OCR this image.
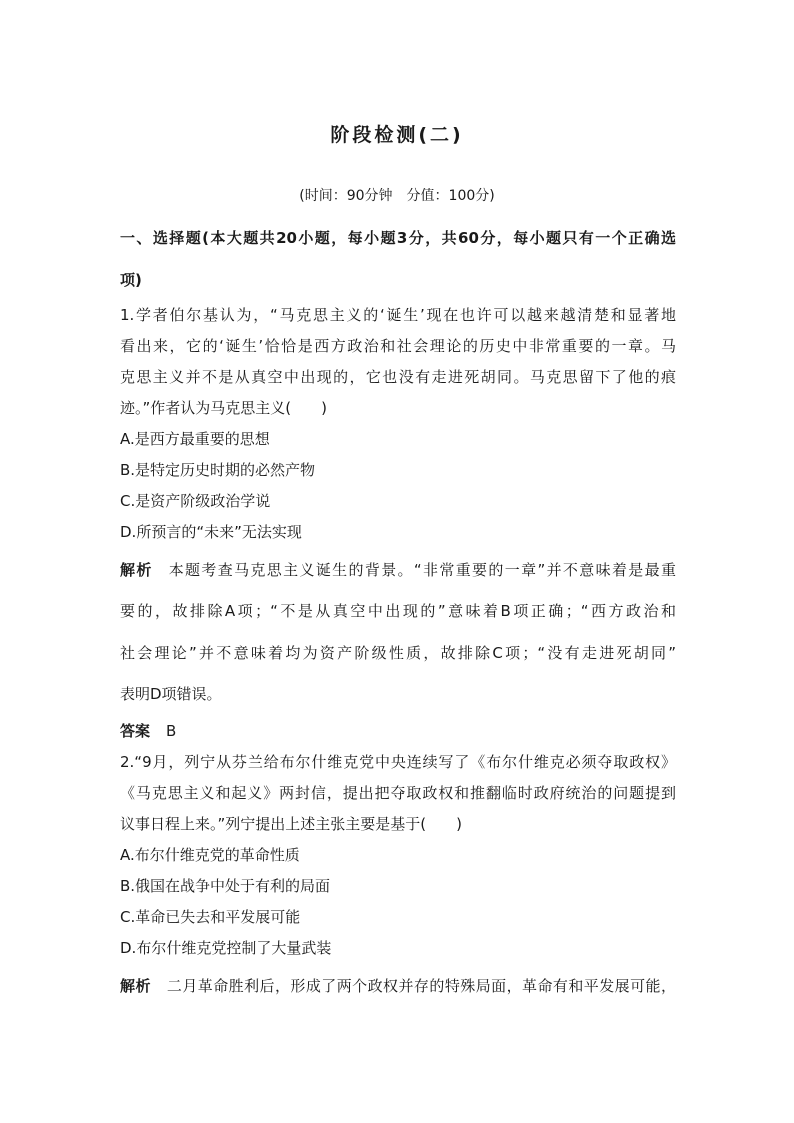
阶段检测(二)
(时间：90分钟　分值：100分)
一、选择题(本大题共20小题，每小题3分，共60分，每小题只有一个正确选
项)
1.学者伯尔基认为，“马克思主义的‘诞生’现在也许可以越来越清楚和显著地
看出来，它的‘诞生’恰恰是西方政治和社会理论的历史中非常重要的一章。马
克思主义并不是从真空中出现的，它也没有走进死胡同。马克思留下了他的痕
迹。”作者认为马克思主义(　　)
A.是西方最重要的思想
B.是特定历史时期的必然产物
C.是资产阶级政治学说
D.所预言的“未来”无法实现
解析 本题考查马克思主义诞生的背景。“非常重要的一章”并不意味着是最重
要的，故排除A项；“不是从真空中出现的”意味着B项正确；“西方政治和
社会理论”并不意味着均为资产阶级性质，故排除C项；“没有走进死胡同”
表明D项错误。
答案 B
2.“9月，列宁从芬兰给布尔什维克党中央连续写了《布尔什维克必须夺取政权》
《马克思主义和起义》两封信，提出把夺取政权和推翻临时政府统治的问题提到
议事日程上来。”列宁提出上述主张主要是基于(　　)
A.布尔什维克党的革命性质
B.俄国在战争中处于有利的局面
C.革命已失去和平发展可能
D.布尔什维克党控制了大量武装
解析 二月革命胜利后，形成了两个政权并存的特殊局面，革命有和平发展可能，
